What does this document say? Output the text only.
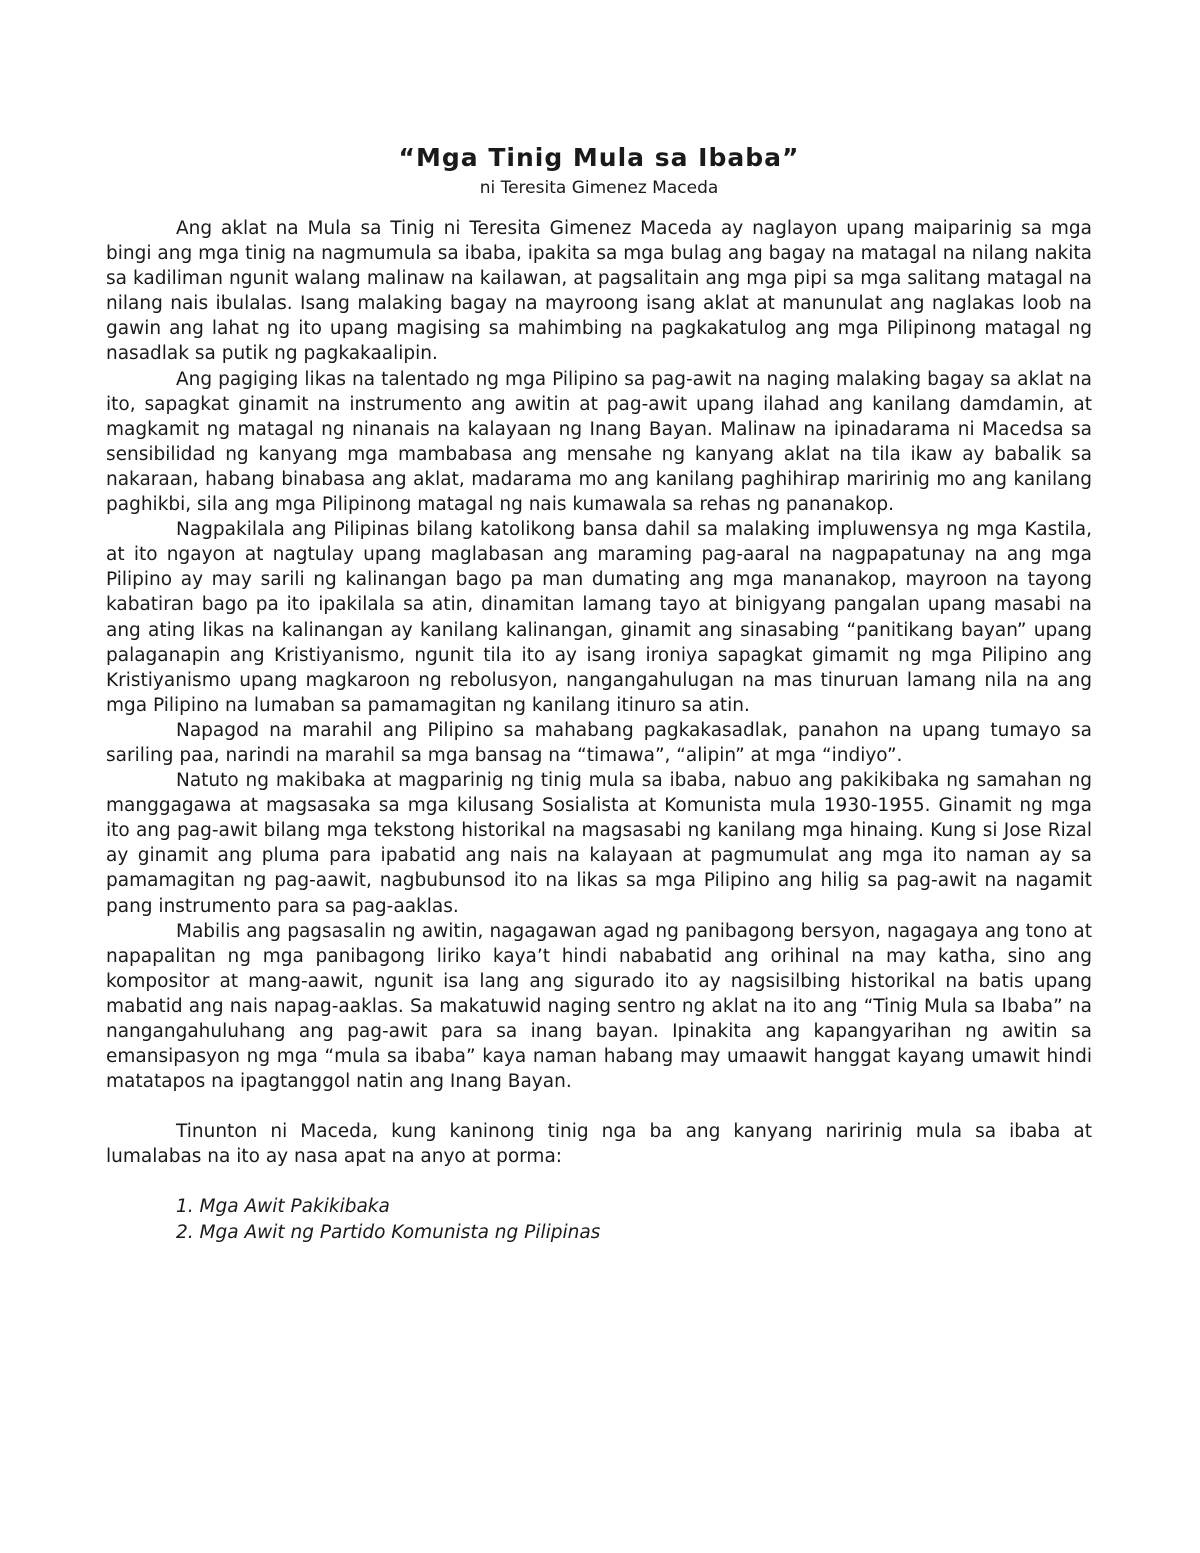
“Mga Tinig Mula sa Ibaba”
ni Teresita Gimenez Maceda

Ang aklat na Mula sa Tinig ni Teresita Gimenez Maceda ay naglayon upang maiparinig sa mga bingi ang mga tinig na nagmumula sa ibaba, ipakita sa mga bulag ang bagay na matagal na nilang nakita sa kadiliman ngunit walang malinaw na kailawan, at pagsalitain ang mga pipi sa mga salitang matagal na nilang nais ibulalas. Isang malaking bagay na mayroong isang aklat at manunulat ang naglakas loob na gawin ang lahat ng ito upang magising sa mahimbing na pagkakatulog ang mga Pilipinong matagal ng nasadlak sa putik ng pagkakaalipin.

Ang pagiging likas na talentado ng mga Pilipino sa pag-awit na naging malaking bagay sa aklat na ito, sapagkat ginamit na instrumento ang awitin at pag-awit upang ilahad ang kanilang damdamin, at magkamit ng matagal ng ninanais na kalayaan ng Inang Bayan. Malinaw na ipinadarama ni Macedsa sa sensibilidad ng kanyang mga mambabasa ang mensahe ng kanyang aklat na tila ikaw ay babalik sa nakaraan, habang binabasa ang aklat, madarama mo ang kanilang paghihirap maririnig mo ang kanilang paghikbi, sila ang mga Pilipinong matagal ng nais kumawala sa rehas ng pananakop.

Nagpakilala ang Pilipinas bilang katolikong bansa dahil sa malaking impluwensya ng mga Kastila, at ito ngayon at nagtulay upang maglabasan ang maraming pag-aaral na nagpapatunay na ang mga Pilipino ay may sarili ng kalinangan bago pa man dumating ang mga mananakop, mayroon na tayong kabatiran bago pa ito ipakilala sa atin, dinamitan lamang tayo at binigyang pangalan upang masabi na ang ating likas na kalinangan ay kanilang kalinangan, ginamit ang sinasabing “panitikang bayan” upang palaganapin ang Kristiyanismo, ngunit tila ito ay isang ironiya sapagkat gimamit ng mga Pilipino ang Kristiyanismo upang magkaroon ng rebolusyon, nangangahulugan na mas tinuruan lamang nila na ang mga Pilipino na lumaban sa pamamagitan ng kanilang itinuro sa atin.

Napagod na marahil ang Pilipino sa mahabang pagkakasadlak, panahon na upang tumayo sa sariling paa, narindi na marahil sa mga bansag na “timawa”, “alipin” at mga “indiyo”.

Natuto ng makibaka at magparinig ng tinig mula sa ibaba, nabuo ang pakikibaka ng samahan ng manggagawa at magsasaka sa mga kilusang Sosialista at Komunista mula 1930-1955. Ginamit ng mga ito ang pag-awit bilang mga tekstong historikal na magsasabi ng kanilang mga hinaing. Kung si Jose Rizal ay ginamit ang pluma para ipabatid ang nais na kalayaan at pagmumulat ang mga ito naman ay sa pamamagitan ng pag-aawit, nagbubunsod ito na likas sa mga Pilipino ang hilig sa pag-awit na nagamit pang instrumento para sa pag-aaklas.

Mabilis ang pagsasalin ng awitin, nagagawan agad ng panibagong bersyon, nagagaya ang tono at napapalitan ng mga panibagong liriko kaya’t hindi nababatid ang orihinal na may katha, sino ang kompositor at mang-aawit, ngunit isa lang ang sigurado ito ay nagsisilbing historikal na batis upang mabatid ang nais napag-aaklas. Sa makatuwid naging sentro ng aklat na ito ang “Tinig Mula sa Ibaba” na nangangahuluhang ang pag-awit para sa inang bayan. Ipinakita ang kapangyarihan ng awitin sa emansipasyon ng mga “mula sa ibaba” kaya naman habang may umaawit hanggat kayang umawit hindi matatapos na ipagtanggol natin ang Inang Bayan.

Tinunton ni Maceda, kung kaninong tinig nga ba ang kanyang naririnig mula sa ibaba at lumalabas na ito ay nasa apat na anyo at porma:

1. Mga Awit Pakikibaka
2. Mga Awit ng Partido Komunista ng Pilipinas
